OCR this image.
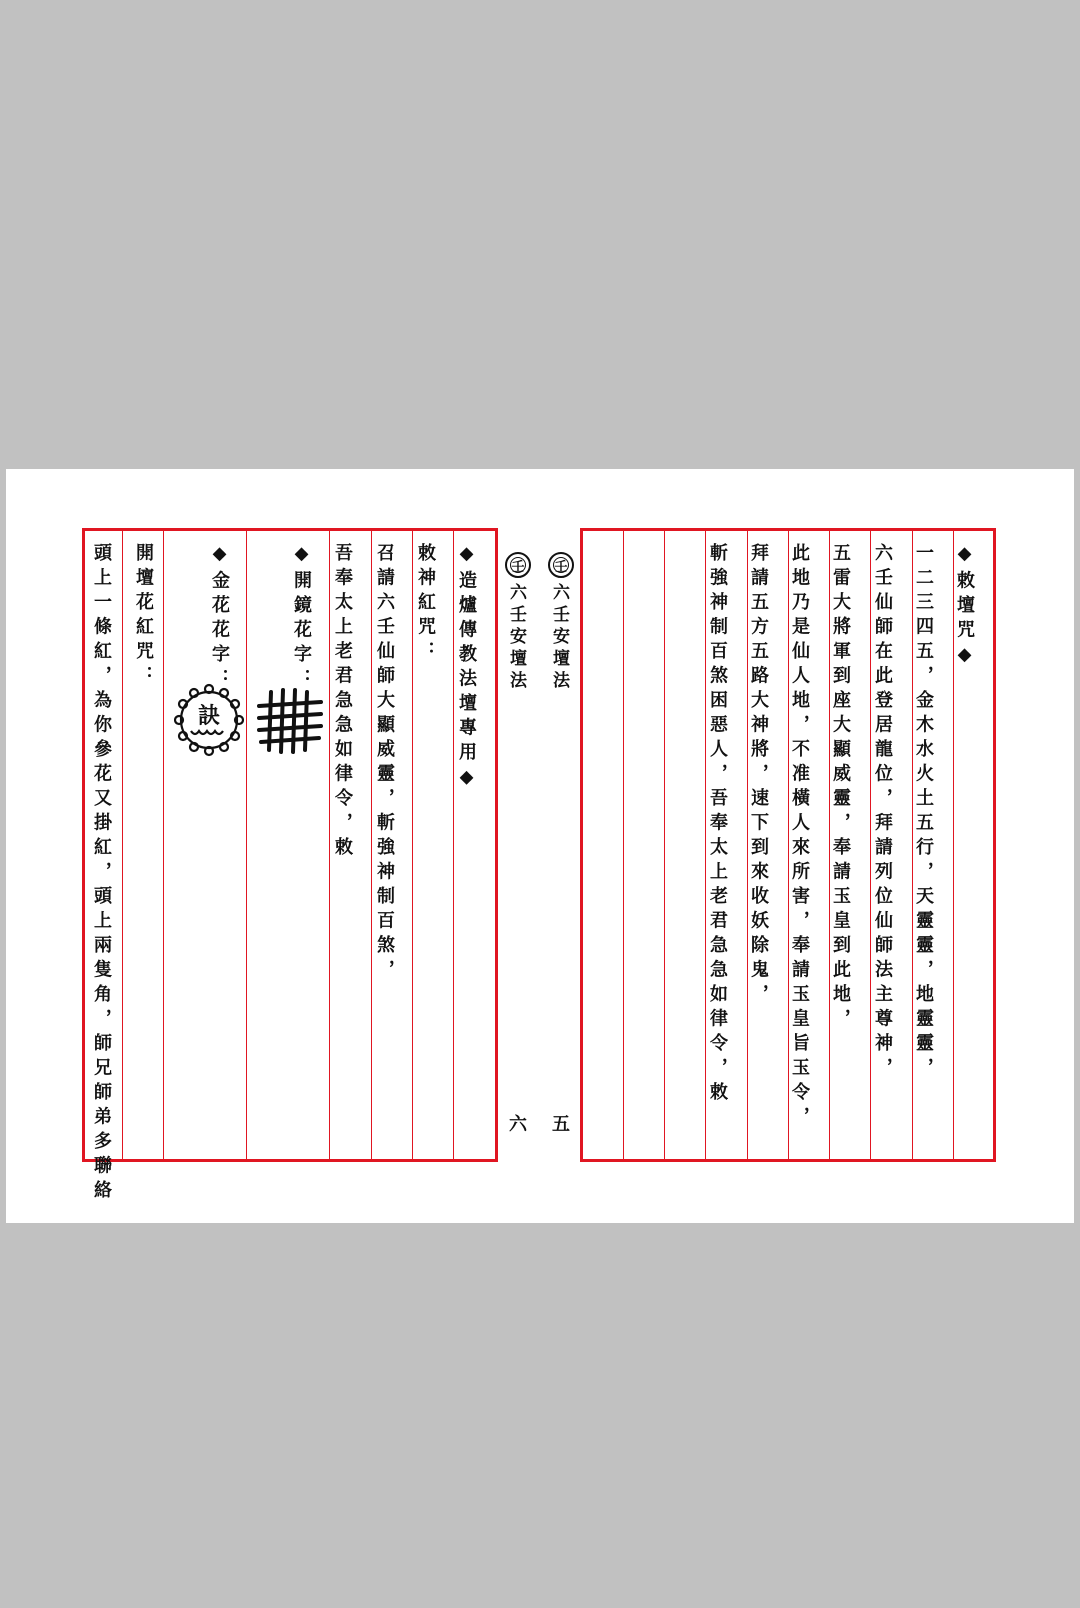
◆敕壇咒◆
一二三四五，金木水火土五行，天靈靈，地靈靈，
六壬仙師在此登居龍位，拜請列位仙師法主尊神，
五雷大將軍到座大顯威靈，奉請玉皇到此地，
此地乃是仙人地，不准橫人來所害，奉請玉皇旨玉令，
拜請五方五路大神將，速下到來收妖除鬼，
斬強神制百煞困惡人，吾奉太上老君急急如律令，敕
壬
六壬安壇法
五
壬
六壬安壇法
六
◆造爐傳教法壇專用◆
敕神紅咒：
召請六壬仙師大顯威靈，斬強神制百煞，
吾奉太上老君急急如律令，敕
◆開鏡花字：
◆金花花字：
訣
開壇花紅咒：
頭上一條紅，為你參花又掛紅，頭上兩隻角，師兄師弟多聯絡
